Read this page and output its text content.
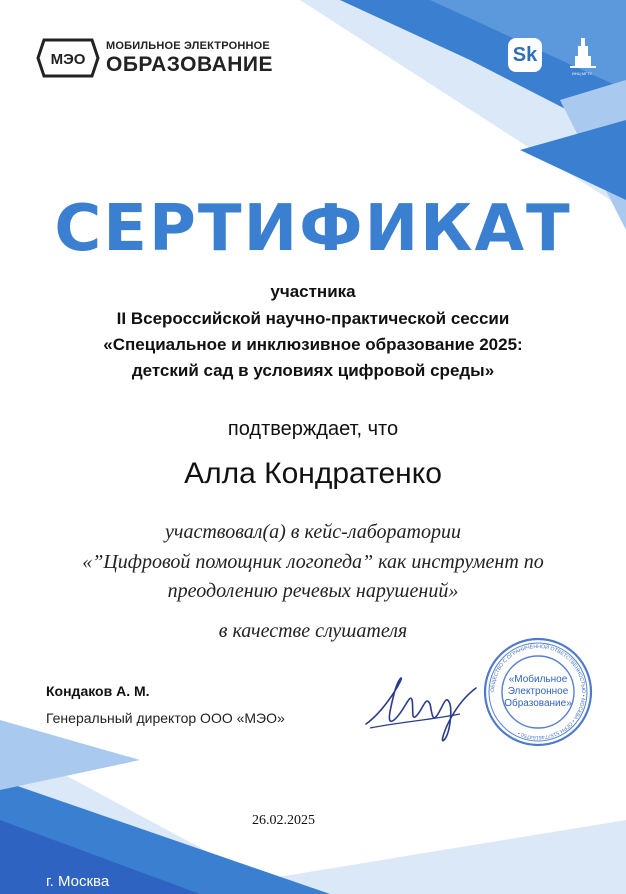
МЭО
МОБИЛЬНОЕ ЭЛЕКТРОННОЕ
ОБРАЗОВАНИЕ	Sk
ИНЦ МГТУ
СЕРТИФИКАТ
участника
II Всероссийской научно-практической сессии
«Специальное и инклюзивное образование 2025:
детский сад в условиях цифровой среды»
подтверждает, что
Алла Кондратенко
участвовал(а) в кейс-лаборатории
«”Цифровой помощник логопеда” как инструмент по
преодолению речевых нарушений»
в качестве слушателя
Кондаков А. М.
Генеральный директор ООО «МЭО»
ОБЩЕСТВО С ОГРАНИЧЕННОЙ ОТВЕТСТВЕННОСТЬЮ • МОСКВА • ОГРН 5157746164750 •
«Мобильное
Электронное
Образование»
26.02.2025
г. Москва
